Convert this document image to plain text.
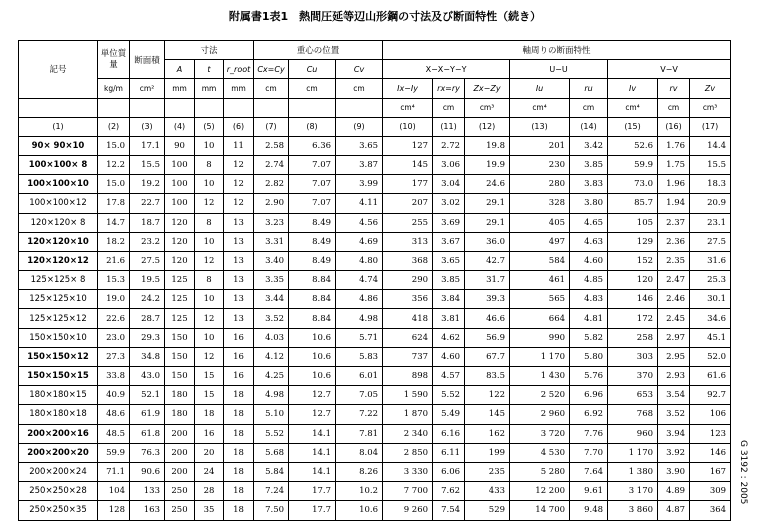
附属書1表1　熱間圧延等辺山形鋼の寸法及び断面特性（続き）
記号	単位質量	断面積	寸法			重心の位置			軸周りの断面特性							
			A	t	r_root	Cx=Cy	Cu	Cv	X−X−Y−Y			U−U		V−V		
	kg/m	cm²	mm	mm	mm	cm	cm	cm	Ix−Iy	rx=ry	Zx−Zy	Iu	ru	Iv	rv	Zv
									cm⁴	cm	cm³	cm⁴	cm	cm⁴	cm	cm³
(1)	(2)	(3)	(4)	(5)	(6)	(7)	(8)	(9)	(10)	(11)	(12)	(13)	(14)	(15)	(16)	(17)
90× 90×10	15.0	17.1	90	10	11	2.58	6.36	3.65	127	2.72	19.8	201	3.42	52.6	1.76	14.4
100×100× 8	12.2	15.5	100	8	12	2.74	7.07	3.87	145	3.06	19.9	230	3.85	59.9	1.75	15.5
100×100×10	15.0	19.2	100	10	12	2.82	7.07	3.99	177	3.04	24.6	280	3.83	73.0	1.96	18.3
100×100×12	17.8	22.7	100	12	12	2.90	7.07	4.11	207	3.02	29.1	328	3.80	85.7	1.94	20.9
120×120× 8	14.7	18.7	120	8	13	3.23	8.49	4.56	255	3.69	29.1	405	4.65	105	2.37	23.1
120×120×10	18.2	23.2	120	10	13	3.31	8.49	4.69	313	3.67	36.0	497	4.63	129	2.36	27.5
120×120×12	21.6	27.5	120	12	13	3.40	8.49	4.80	368	3.65	42.7	584	4.60	152	2.35	31.6
125×125× 8	15.3	19.5	125	8	13	3.35	8.84	4.74	290	3.85	31.7	461	4.85	120	2.47	25.3
125×125×10	19.0	24.2	125	10	13	3.44	8.84	4.86	356	3.84	39.3	565	4.83	146	2.46	30.1
125×125×12	22.6	28.7	125	12	13	3.52	8.84	4.98	418	3.81	46.6	664	4.81	172	2.45	34.6
150×150×10	23.0	29.3	150	10	16	4.03	10.6	5.71	624	4.62	56.9	990	5.82	258	2.97	45.1
150×150×12	27.3	34.8	150	12	16	4.12	10.6	5.83	737	4.60	67.7	1 170	5.80	303	2.95	52.0
150×150×15	33.8	43.0	150	15	16	4.25	10.6	6.01	898	4.57	83.5	1 430	5.76	370	2.93	61.6
180×180×15	40.9	52.1	180	15	18	4.98	12.7	7.05	1 590	5.52	122	2 520	6.96	653	3.54	92.7
180×180×18	48.6	61.9	180	18	18	5.10	12.7	7.22	1 870	5.49	145	2 960	6.92	768	3.52	106
200×200×16	48.5	61.8	200	16	18	5.52	14.1	7.81	2 340	6.16	162	3 720	7.76	960	3.94	123
200×200×20	59.9	76.3	200	20	18	5.68	14.1	8.04	2 850	6.11	199	4 530	7.70	1 170	3.92	146
200×200×24	71.1	90.6	200	24	18	5.84	14.1	8.26	3 330	6.06	235	5 280	7.64	1 380	3.90	167
250×250×28	104	133	250	28	18	7.24	17.7	10.2	7 700	7.62	433	12 200	9.61	3 170	4.89	309
250×250×35	128	163	250	35	18	7.50	17.7	10.6	9 260	7.54	529	14 700	9.48	3 860	4.87	364
G 3192 : 2005
